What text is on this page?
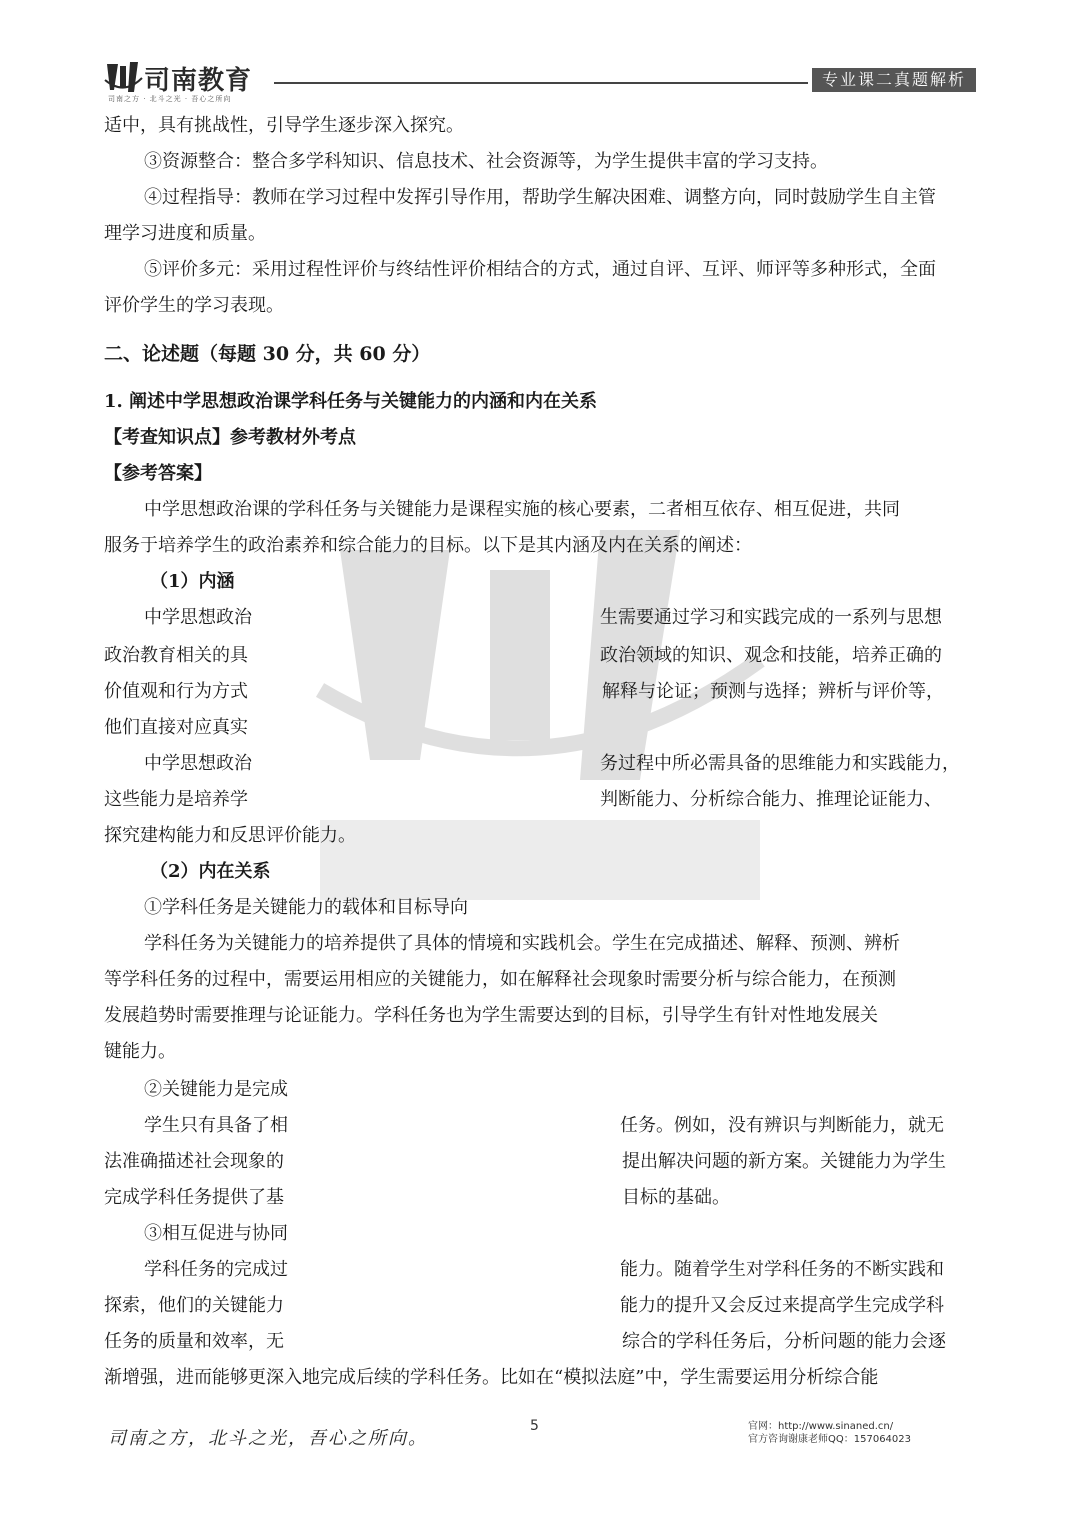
司南教育
司南之方 · 北斗之光 · 吾心之所向
专业课二真题解析
适中，具有挑战性，引导学生逐步深入探究。
③资源整合：整合多学科知识、信息技术、社会资源等，为学生提供丰富的学习支持。
④过程指导：教师在学习过程中发挥引导作用，帮助学生解决困难、调整方向，同时鼓励学生自主管
理学习进度和质量。
⑤评价多元：采用过程性评价与终结性评价相结合的方式，通过自评、互评、师评等多种形式，全面
评价学生的学习表现。
二、论述题（每题 30 分，共 60 分）
1. 阐述中学思想政治课学科任务与关键能力的内涵和内在关系
【考查知识点】参考教材外考点
【参考答案】
中学思想政治课的学科任务与关键能力是课程实施的核心要素，二者相互依存、相互促进，共同
服务于培养学生的政治素养和综合能力的目标。以下是其内涵及内在关系的阐述：
（1）内涵
中学思想政治	生需要通过学习和实践完成的一系列与思想
政治教育相关的具	政治领域的知识、观念和技能，培养正确的
价值观和行为方式	解释与论证；预测与选择；辨析与评价等，
他们直接对应真实
中学思想政治	务过程中所必需具备的思维能力和实践能力，
这些能力是培养学	判断能力、分析综合能力、推理论证能力、
探究建构能力和反思评价能力。
（2）内在关系
①学科任务是关键能力的载体和目标导向
学科任务为关键能力的培养提供了具体的情境和实践机会。学生在完成描述、解释、预测、辨析
等学科任务的过程中，需要运用相应的关键能力，如在解释社会现象时需要分析与综合能力，在预测
发展趋势时需要推理与论证能力。学科任务也为学生需要达到的目标，引导学生有针对性地发展关
键能力。
②关键能力是完成
学生只有具备了相	任务。例如，没有辨识与判断能力，就无
法准确描述社会现象的	提出解决问题的新方案。关键能力为学生
完成学科任务提供了基	目标的基础。
③相互促进与协同
学科任务的完成过	能力。随着学生对学科任务的不断实践和
探索，他们的关键能力	能力的提升又会反过来提高学生完成学科
任务的质量和效率，无	综合的学科任务后，分析问题的能力会逐
渐增强，进而能够更深入地完成后续的学科任务。比如在“模拟法庭”中，学生需要运用分析综合能
司南之方，北斗之光，吾心之所向。
5	官网：http://www.sinaned.cn/
官方咨询谢康老师QQ：157064023
